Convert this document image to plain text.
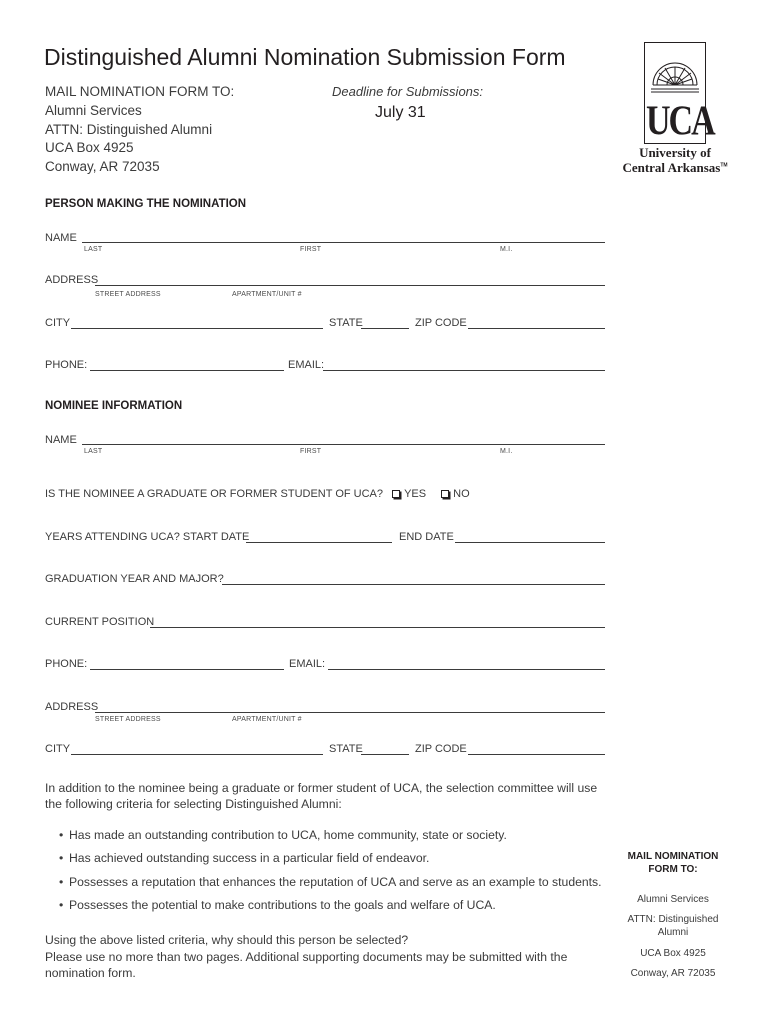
Distinguished Alumni Nomination Submission Form
MAIL NOMINATION FORM TO:
Alumni Services
ATTN: Distinguished Alumni
UCA Box 4925
Conway, AR 72035
Deadline for Submissions:
July 31	UCA
University of
Central Arkansas™
PERSON MAKING THE NOMINATION
NAME
LAST	FIRST	M.I.
ADDRESS
STREET ADDRESS	APARTMENT/UNIT #
CITY	STATE	ZIP CODE
PHONE:	EMAIL:
NOMINEE INFORMATION
NAME
LAST	FIRST	M.I.
IS THE NOMINEE A GRADUATE OR FORMER STUDENT OF UCA? YES NO
YEARS ATTENDING UCA? START DATE	END DATE
GRADUATION YEAR AND MAJOR?
CURRENT POSITION
PHONE:	EMAIL:
ADDRESS
STREET ADDRESS	APARTMENT/UNIT #
CITY	STATE	ZIP CODE
In addition to the nominee being a graduate or former student of UCA, the selection committee will use the following criteria for selecting Distinguished Alumni:
• Has made an outstanding contribution to UCA, home community, state or society.
• Has achieved outstanding success in a particular field of endeavor.
• Possesses a reputation that enhances the reputation of UCA and serve as an example to students.
• Possesses the potential to make contributions to the goals and welfare of UCA.
Using the above listed criteria, why should this person be selected?
Please use no more than two pages. Additional supporting documents may be submitted with the nomination form.
MAIL NOMINATION FORM TO:
Alumni Services
ATTN: Distinguished Alumni
UCA Box 4925
Conway, AR 72035
